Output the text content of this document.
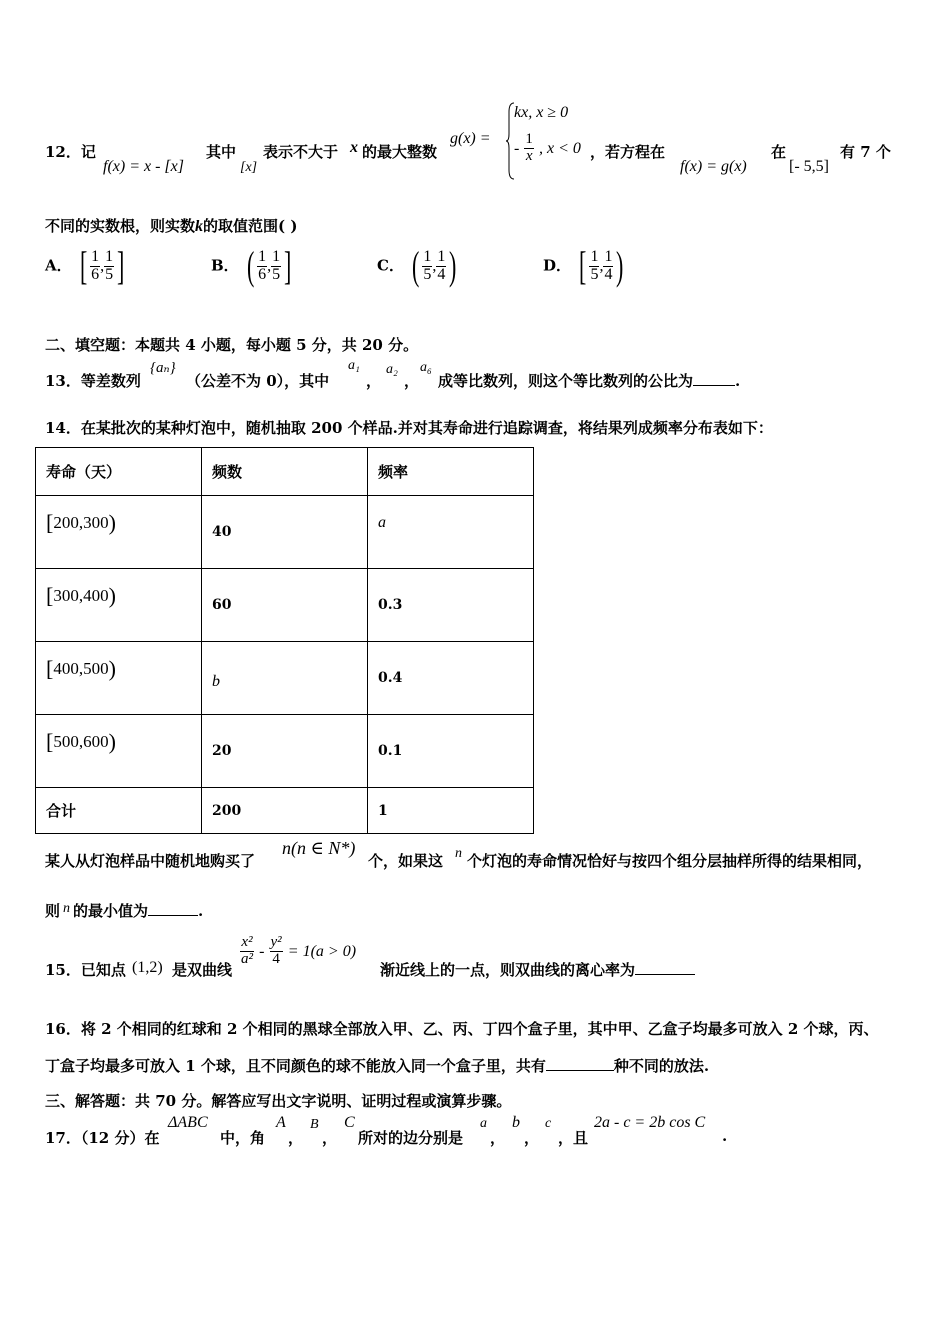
12．记
f(x) = x - [x]
其中
[x]
表示不大于 x 的最大整数
g(x) =
kx, x ≥ 0
- $\frac{1}{x}$ , x < 0 ，若方程在
f(x) = g(x)
在
[- 5,5]
有 7 个
不同的实数根，则实数k的取值范围( )
A． [ $\frac{1}{6}$ , $\frac{1}{5}$ ]	B． ( $\frac{1}{6}$ , $\frac{1}{5}$ ]	C． ( $\frac{1}{5}$ , $\frac{1}{4}$ )	D． [ $\frac{1}{5}$ , $\frac{1}{4}$ )
二、填空题：本题共 4 小题，每小题 5 分，共 20 分。
13．等差数列
{aₙ}
（公差不为 0），其中
a₁
，
a₂
，
a₆
成等比数列，则这个等比数列的公比为	.
14．在某批次的某种灯泡中，随机抽取 200 个样品.并对其寿命进行追踪调查，将结果列成频率分布表如下：
寿命（天）	频数	频率
[200,300)	40	a
[300,400)	60	0.3
[400,500)	b	0.4
[500,600)	20	0.1
合计	200	1
某人从灯泡样品中随机地购买了
n(n ∈ N*)
个，如果这 n 个灯泡的寿命情况恰好与按四个组分层抽样所得的结果相同，
则 n 的最小值为	.
15．已知点 (1,2) 是双曲线
$\frac{\text{x²}}{\text{a²}} - \frac{\text{y²}}{4} = 1(a > 0)$
渐近线上的一点，则双曲线的离心率为
16．将 2 个相同的红球和 2 个相同的黑球全部放入甲、乙、丙、丁四个盒子里，其中甲、乙盒子均最多可放入 2 个球，丙、
丁盒子均最多可放入 1 个球，且不同颜色的球不能放入同一个盒子里，共有	种不同的放法.
三、解答题：共 70 分。解答应写出文字说明、证明过程或演算步骤。
17．（12 分）在
ΔABC
中，角
A
，
B
，
C
所对的边分别是
a
，
b
，
c
，且
2a - c = 2b cos C
.
